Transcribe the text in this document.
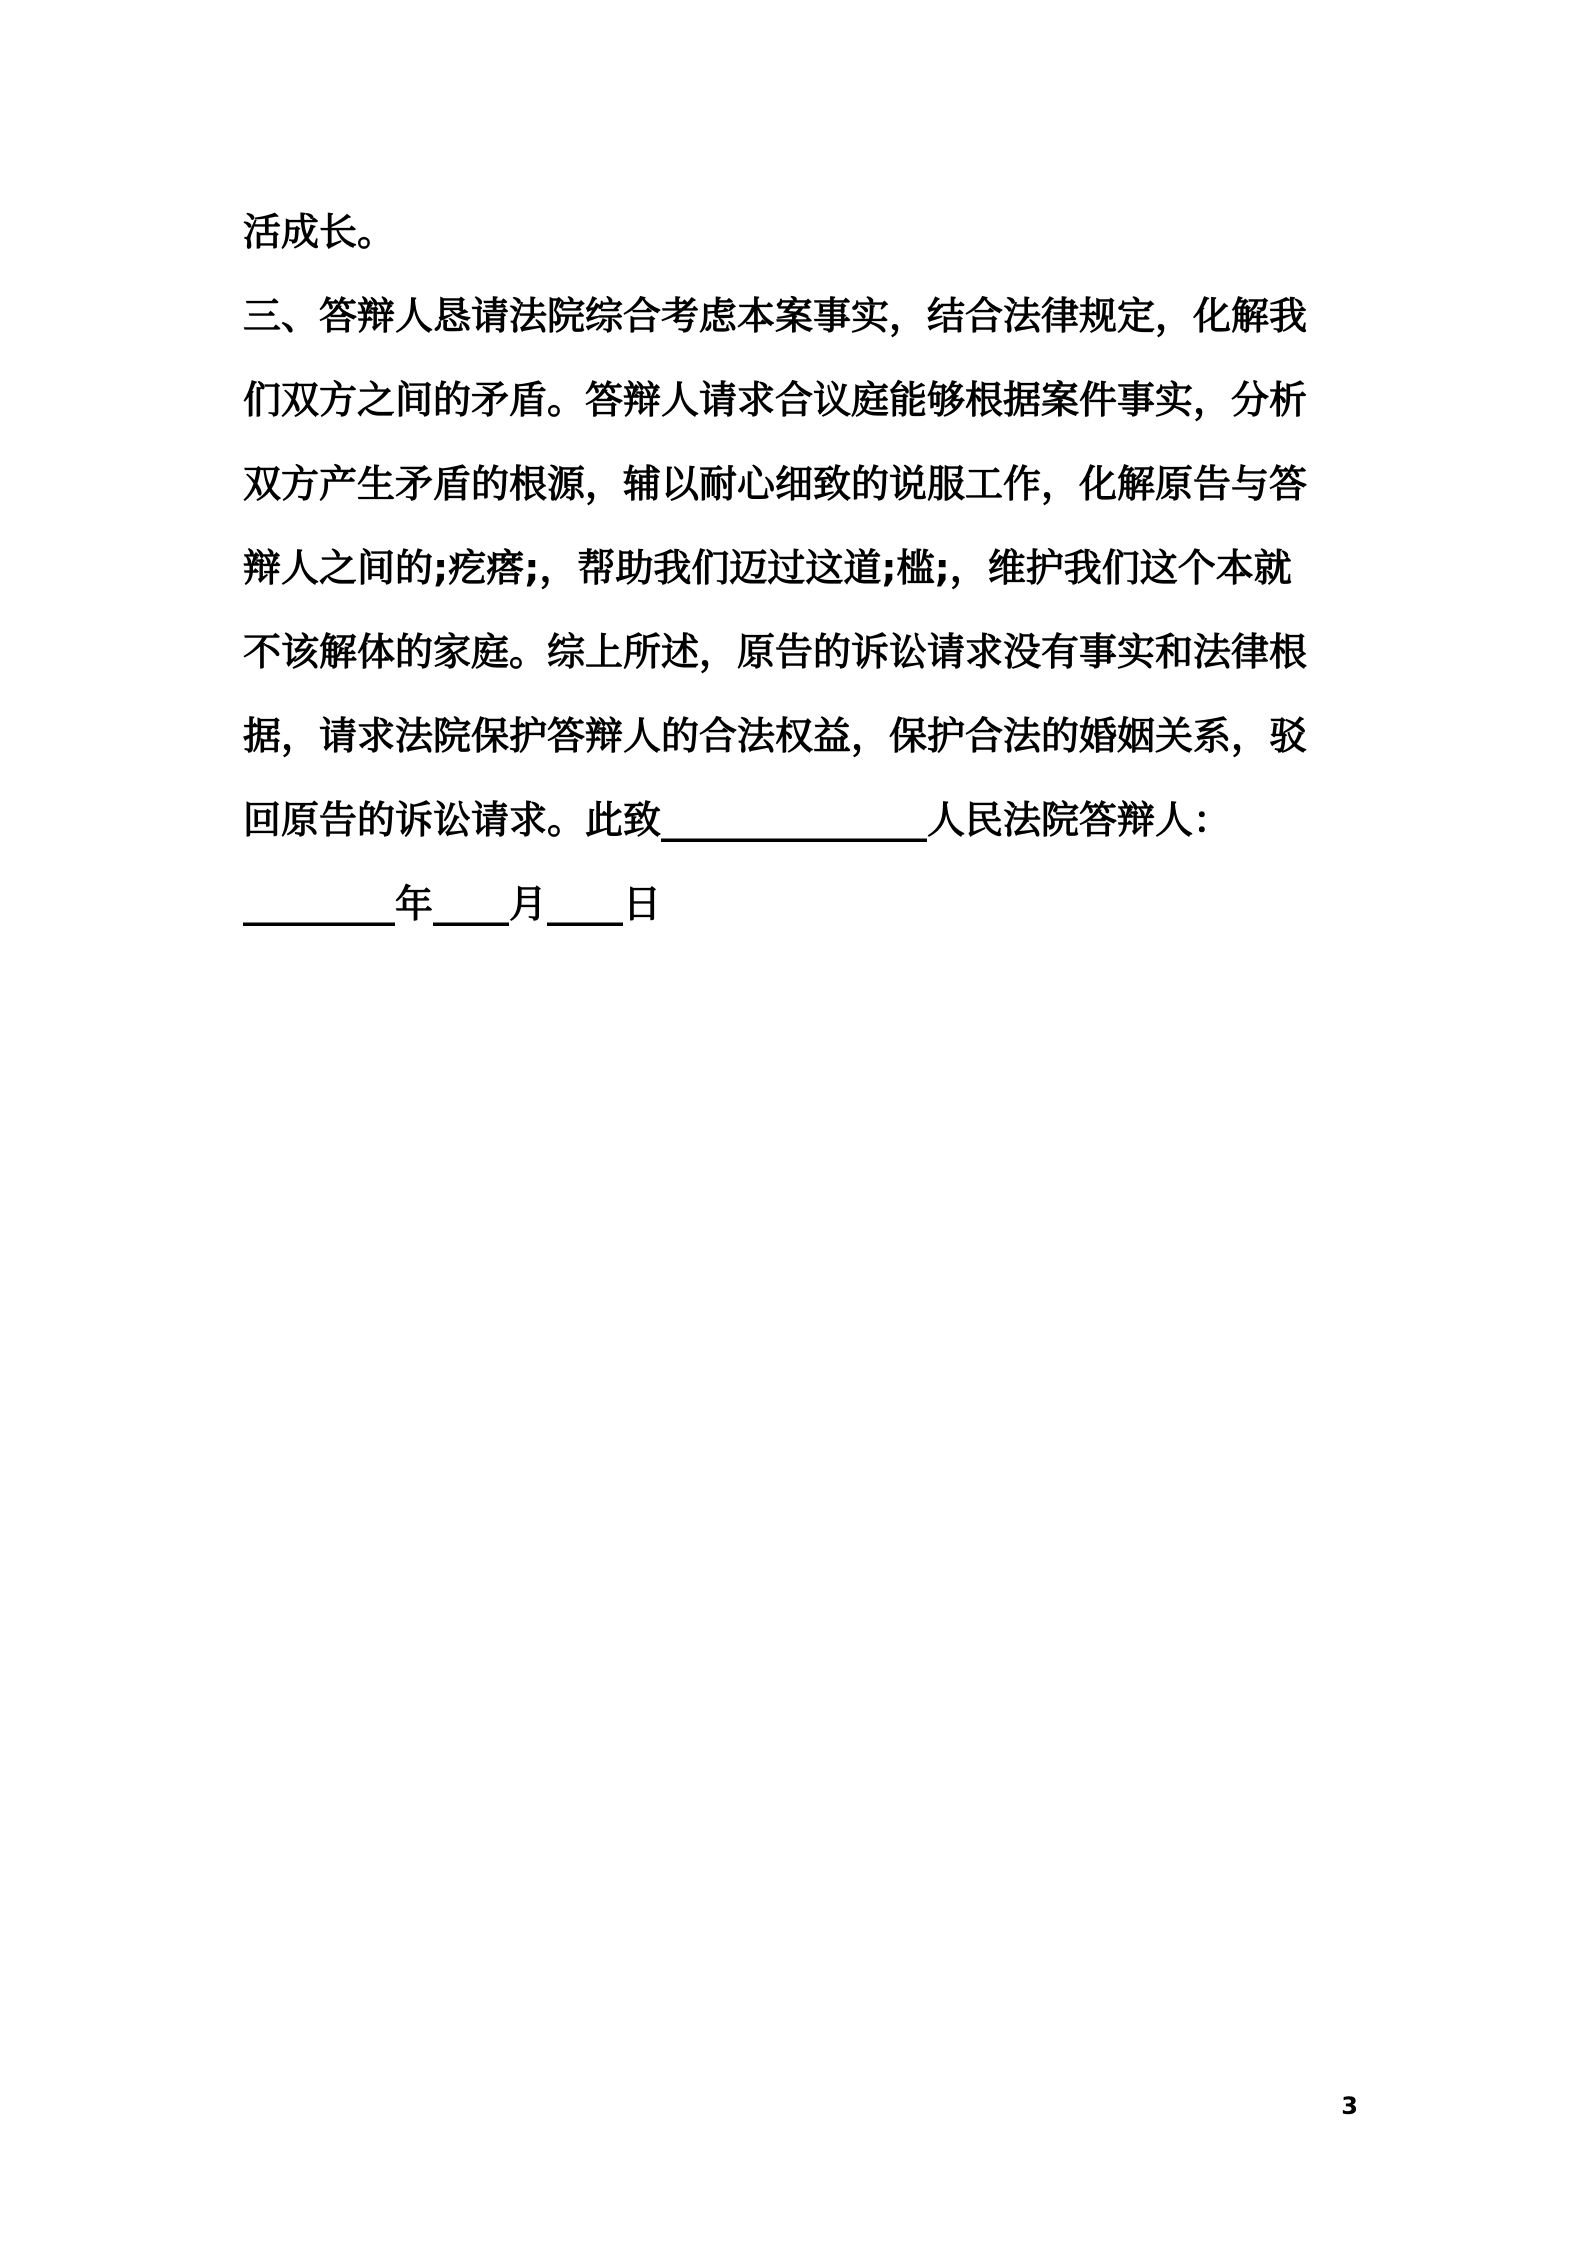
活成长。
三、答辩人恳请法院综合考虑本案事实，结合法律规定，化解我
们双方之间的矛盾。答辩人请求合议庭能够根据案件事实，分析
双方产生矛盾的根源，辅以耐心细致的说服工作，化解原告与答
辩人之间的;疙瘩;，帮助我们迈过这道;槛;，维护我们这个本就
不该解体的家庭。综上所述，原告的诉讼请求没有事实和法律根
据，请求法院保护答辩人的合法权益，保护合法的婚姻关系，驳
回原告的诉讼请求。此致______________人民法院答辩人：
________年____月____日
3
